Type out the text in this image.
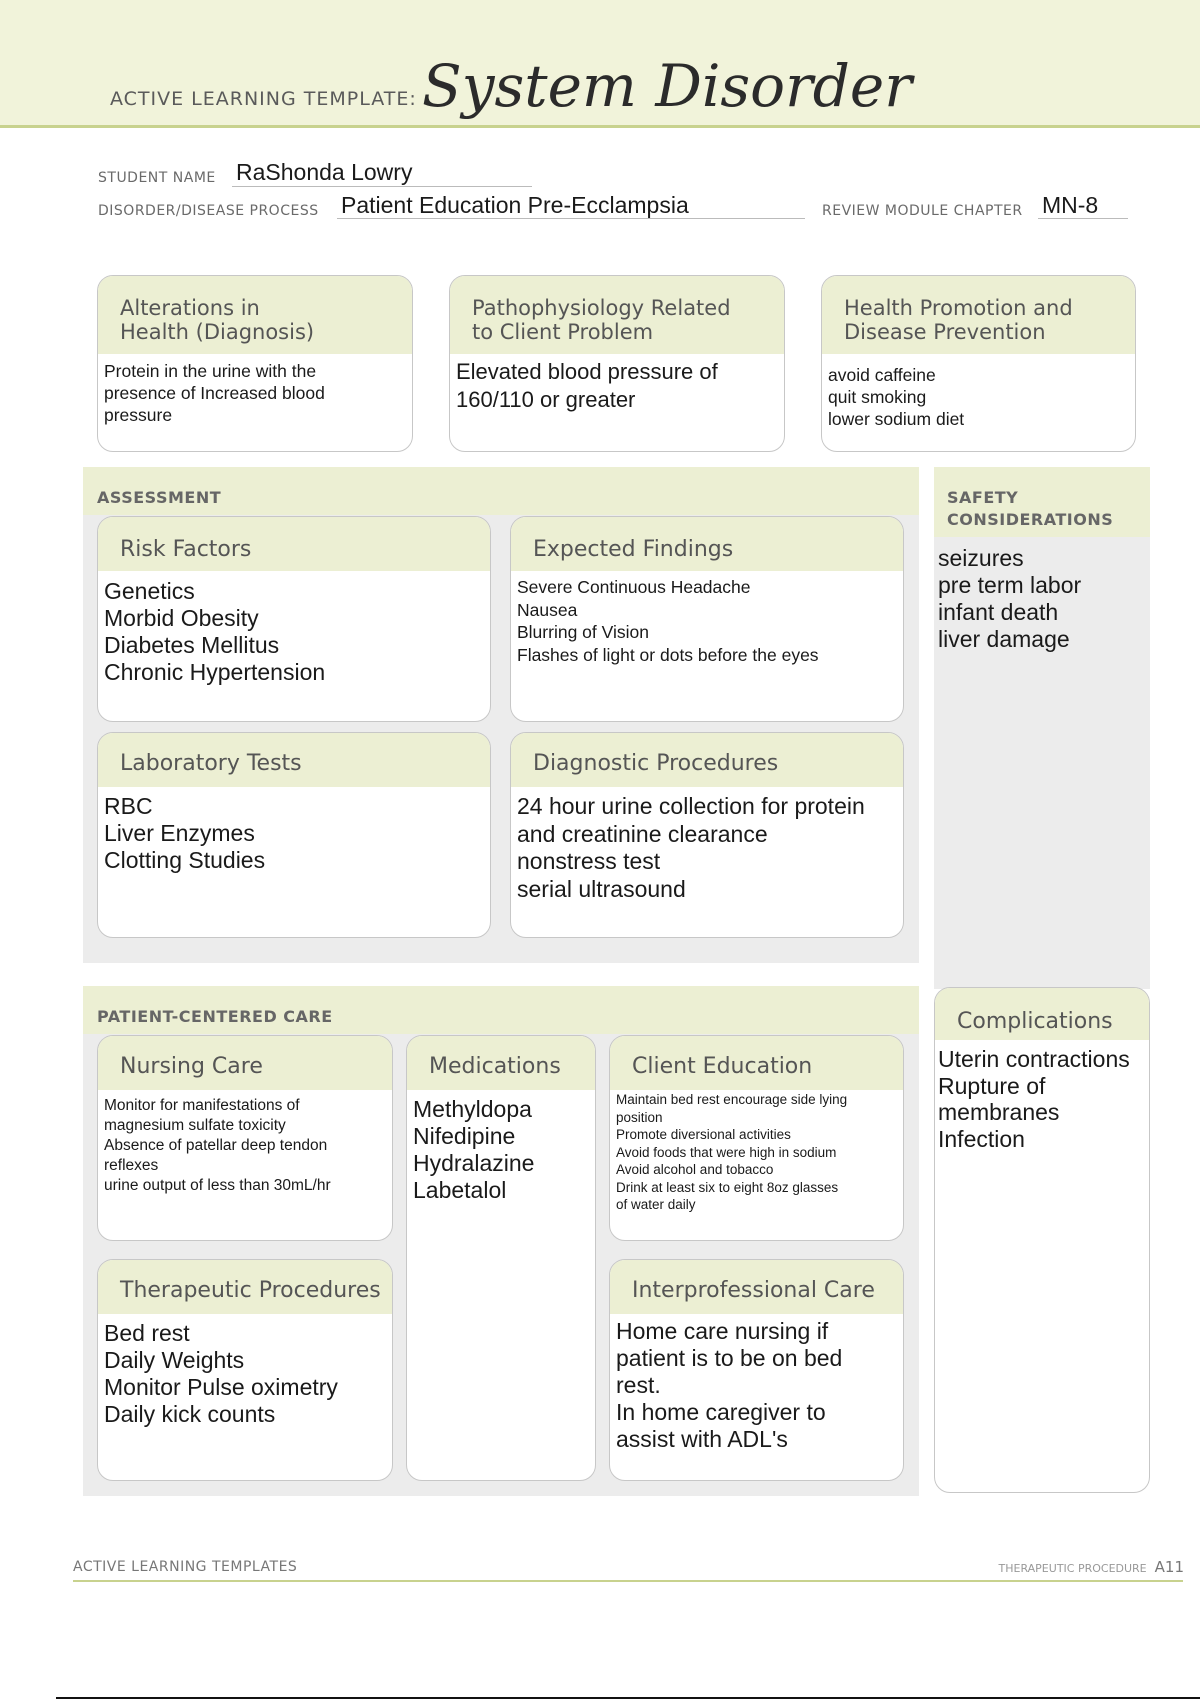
ACTIVE LEARNING TEMPLATE: System Disorder
STUDENT NAME RaShonda Lowry
DISORDER/DISEASE PROCESS Patient Education Pre-Ecclampsia	REVIEW MODULE CHAPTER MN-8
Alterations in
Health (Diagnosis)
Protein in the urine with the
presence of Increased blood
pressure
Pathophysiology Related
to Client Problem
Elevated blood pressure of
160/110 or greater
Health Promotion and
Disease Prevention
avoid caffeine
quit smoking
lower sodium diet
ASSESSMENT
Risk Factors
Genetics
Morbid Obesity
Diabetes Mellitus
Chronic Hypertension
Expected Findings
Severe Continuous Headache
Nausea
Blurring of Vision
Flashes of light or dots before the eyes
Laboratory Tests
RBC
Liver Enzymes
Clotting Studies
Diagnostic Procedures
24 hour urine collection for protein
and creatinine clearance
nonstress test
serial ultrasound
SAFETY
CONSIDERATIONS
seizures
pre term labor
infant death
liver damage
PATIENT-CENTERED CARE
Nursing Care
Monitor for manifestations of
magnesium sulfate toxicity
Absence of patellar deep tendon
reflexes
urine output of less than 30mL/hr
Medications
Methyldopa
Nifedipine
Hydralazine
Labetalol
Client Education
Maintain bed rest encourage side lying
position
Promote diversional activities
Avoid foods that were high in sodium
Avoid alcohol and tobacco
Drink at least six to eight 8oz glasses
of water daily
Therapeutic Procedures
Bed rest
Daily Weights
Monitor Pulse oximetry
Daily kick counts
Interprofessional Care
Home care nursing if
patient is to be on bed
rest.
In home caregiver to
assist with ADL's
Complications
Uterin contractions
Rupture of
membranes
Infection
ACTIVE LEARNING TEMPLATES	THERAPEUTIC PROCEDURE A11
